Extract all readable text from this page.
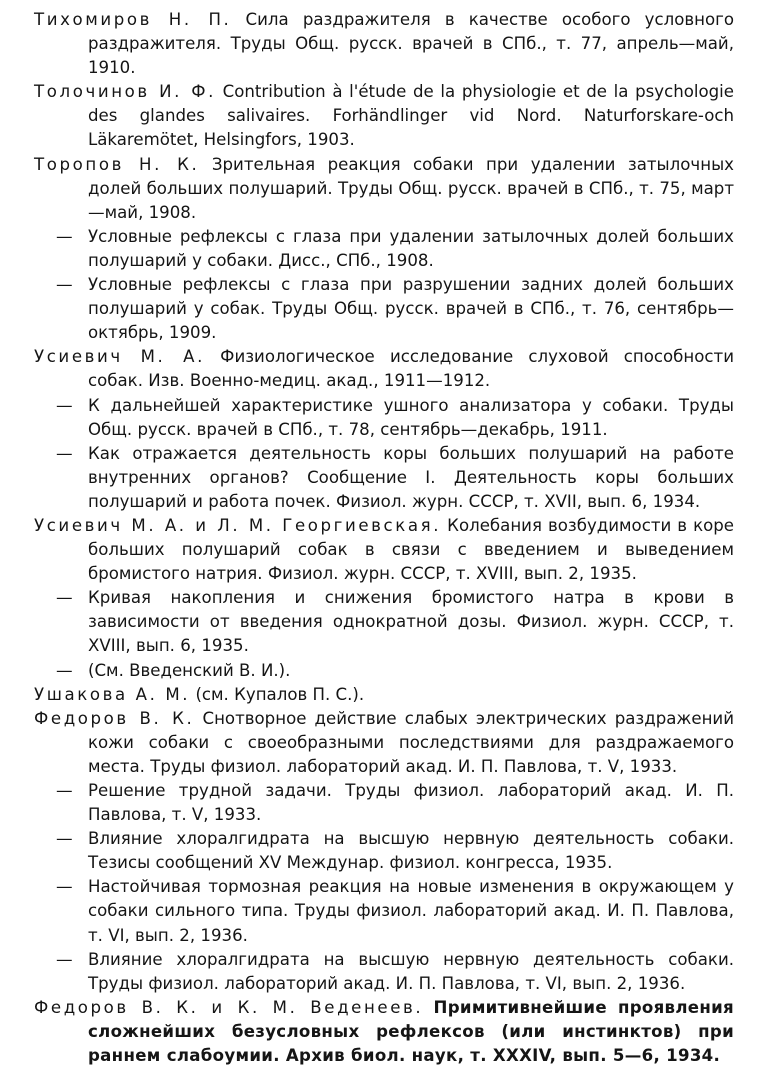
Тихомиров Н. П. Сила раздражителя в качестве особого условного раздражителя. Труды Общ. русск. врачей в СПб., т. 77, апрель—май, 1910.
Толочинов И. Ф. Contribution à l'étude de la physiologie et de la psychologie des glandes salivaires. Forhändlinger vid Nord. Naturforskare-och Läkaremötet, Helsingfors, 1903.
Торопов Н. К. Зрительная реакция собаки при удалении затылочных долей больших полушарий. Труды Общ. русск. врачей в СПб., т. 75, март—май, 1908.
— Условные рефлексы с глаза при удалении затылочных долей больших полушарий у собаки. Дисс., СПб., 1908.
— Условные рефлексы с глаза при разрушении задних долей больших полушарий у собак. Труды Общ. русск. врачей в СПб., т. 76, сентябрь—октябрь, 1909.
Усиевич М. А. Физиологическое исследование слуховой способности собак. Изв. Военно-медиц. акад., 1911—1912.
— К дальнейшей характеристике ушного анализатора у собаки. Труды Общ. русск. врачей в СПб., т. 78, сентябрь—декабрь, 1911.
— Как отражается деятельность коры больших полушарий на работе внутренних органов? Сообщение I. Деятельность коры больших полушарий и работа почек. Физиол. журн. СССР, т. XVII, вып. 6, 1934.
Усиевич М. А. и Л. М. Георгиевская. Колебания возбудимости в коре больших полушарий собак в связи с введением и выведением бромистого натрия. Физиол. журн. СССР, т. XVIII, вып. 2, 1935.
— Кривая накопления и снижения бромистого натра в крови в зависимости от введения однократной дозы. Физиол. журн. СССР, т. XVIII, вып. 6, 1935.
— (См. Введенский В. И.).
Ушакова А. М. (см. Купалов П. С.).
Федоров В. К. Снотворное действие слабых электрических раздражений кожи собаки с своеобразными последствиями для раздражаемого места. Труды физиол. лабораторий акад. И. П. Павлова, т. V, 1933.
— Решение трудной задачи. Труды физиол. лабораторий акад. И. П. Павлова, т. V, 1933.
— Влияние хлоралгидрата на высшую нервную деятельность собаки. Тезисы сообщений XV Междунар. физиол. конгресса, 1935.
— Настойчивая тормозная реакция на новые изменения в окружающем у собаки сильного типа. Труды физиол. лабораторий акад. И. П. Павлова, т. VI, вып. 2, 1936.
— Влияние хлоралгидрата на высшую нервную деятельность собаки. Труды физиол. лабораторий акад. И. П. Павлова, т. VI, вып. 2, 1936.
Федоров В. К. и К. М. Веденеев. Примитивнейшие проявления сложнейших безусловных рефлексов (или инстинктов) при раннем слабоумии. Архив биол. наук, т. XXXIV, вып. 5—6, 1934.
